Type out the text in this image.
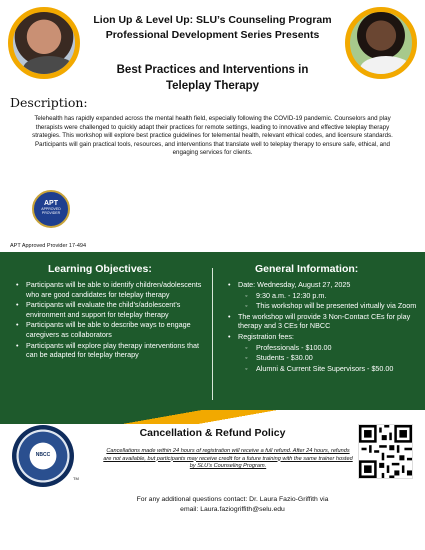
Lion Up & Level Up: SLU’s Counseling Program
Professional Development Series Presents
Best Practices and Interventions in
Teleplay Therapy
Description:
Telehealth has rapidly expanded across the mental health field, especially following the COVID-19 pandemic. Counselors and play therapists were challenged to quickly adapt their practices for remote settings, leading to innovative and effective teleplay therapy strategies. This workshop will explore best practice guidelines for telemental health, relevant ethical codes, and licensure standards. Participants will gain practical tools, resources, and interventions that translate well to teleplay therapy to ensure safe, ethical, and engaging services for clients.
APT
APPROVED PROVIDER
APT Approved Provider 17-494
Learning Objectives:
• Participants will be able to identify children/adolescents who are good candidates for teleplay therapy
• Participants will evaluate the child’s/adolescent’s environment and support for teleplay therapy
• Participants will be able to describe ways to engage caregivers as collaborators
• Participants will explore play therapy interventions that can be adapted for teleplay therapy
General Information:
• Date: Wednesday, August 27, 2025
◦ 9:30 a.m. - 12:30 p.m.
◦ This workshop will be presented virtually via Zoom
• The workshop will provide 3 Non-Contact CEs for play therapy and 3 CEs for NBCC
• Registration fees:
◦ Professionals - $100.00
◦ Students - $30.00
◦ Alumni & Current Site Supervisors - $50.00
NBCC
TM
Cancellation & Refund Policy
Cancellations made within 24 hours of registration will receive a full refund. After 24 hours, refunds are not available, but participants may receive credit for a future training with the same trainer hosted by SLU’s Counseling Program.
For any additional questions contact: Dr. Laura Fazio-Griffith via
email: Laura.faziogriffith@selu.edu
